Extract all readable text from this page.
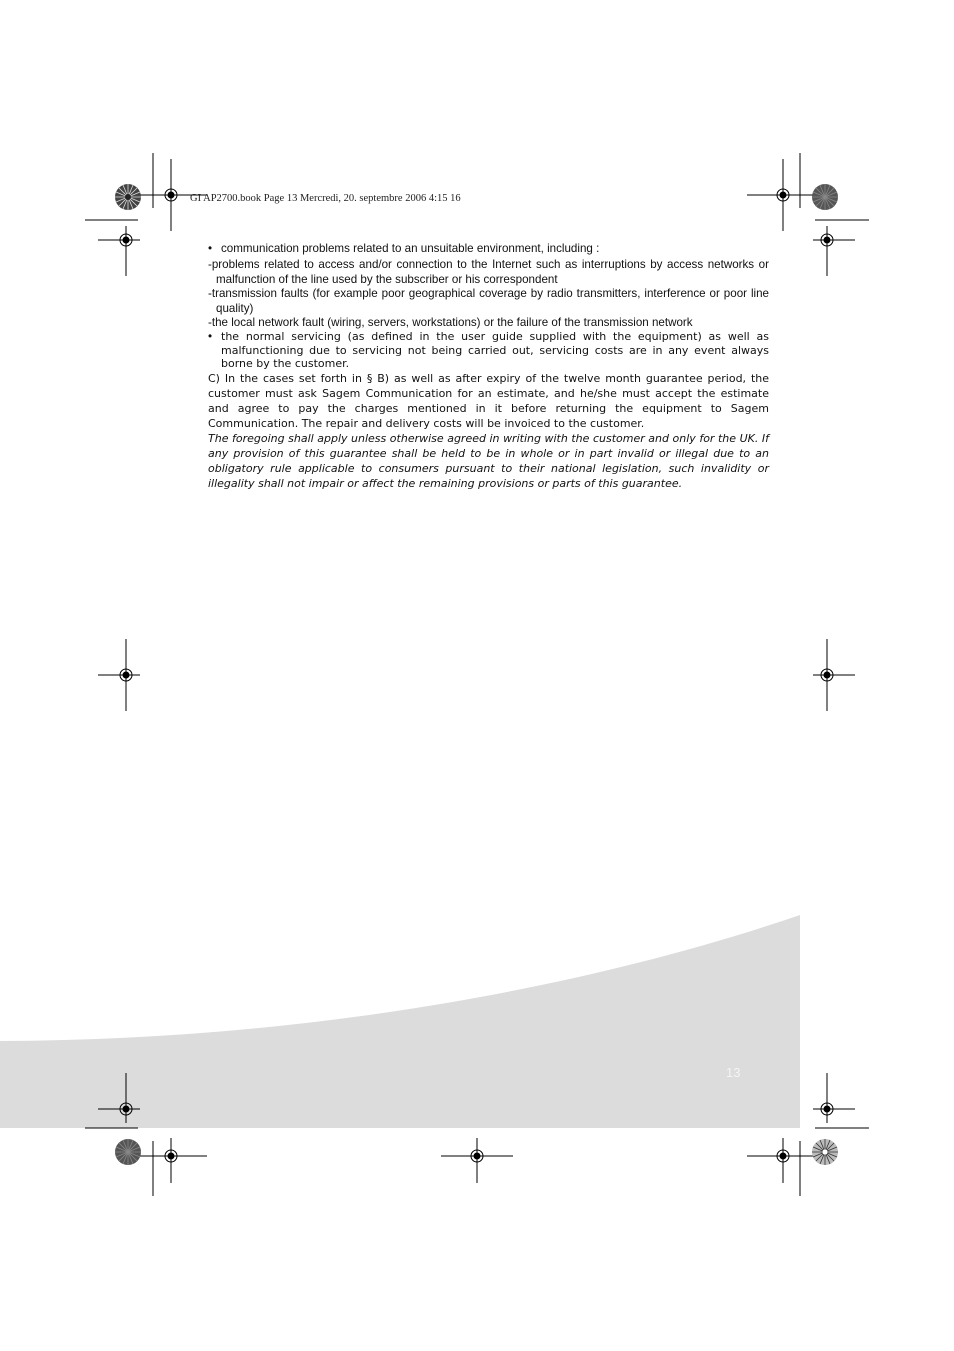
GI AP2700.book Page 13 Mercredi, 20. septembre 2006 4:15 16
• communication problems related to an unsuitable environment, including :

-problems related to access and/or connection to the Internet such as interruptions by access networks or malfunction of the line used by the subscriber or his correspondent

-transmission faults (for example poor geographical coverage by radio transmitters, interference or poor line quality)

-the local network fault (wiring, servers, workstations) or the failure of the transmission network

• the normal servicing (as defined in the user guide supplied with the equipment) as well as malfunctioning due to servicing not being carried out, servicing costs are in any event always borne by the customer.

C) In the cases set forth in § B) as well as after expiry of the twelve month guarantee period, the customer must ask Sagem Communication for an estimate, and he/she must accept the estimate and agree to pay the charges mentioned in it before returning the equipment to Sagem Communication. The repair and delivery costs will be invoiced to the customer.

The foregoing shall apply unless otherwise agreed in writing with the customer and only for the UK. If any provision of this guarantee shall be held to be in whole or in part invalid or illegal due to an obligatory rule applicable to consumers pursuant to their national legislation, such invalidity or illegality shall not impair or affect the remaining provisions or parts of this guarantee.

13
